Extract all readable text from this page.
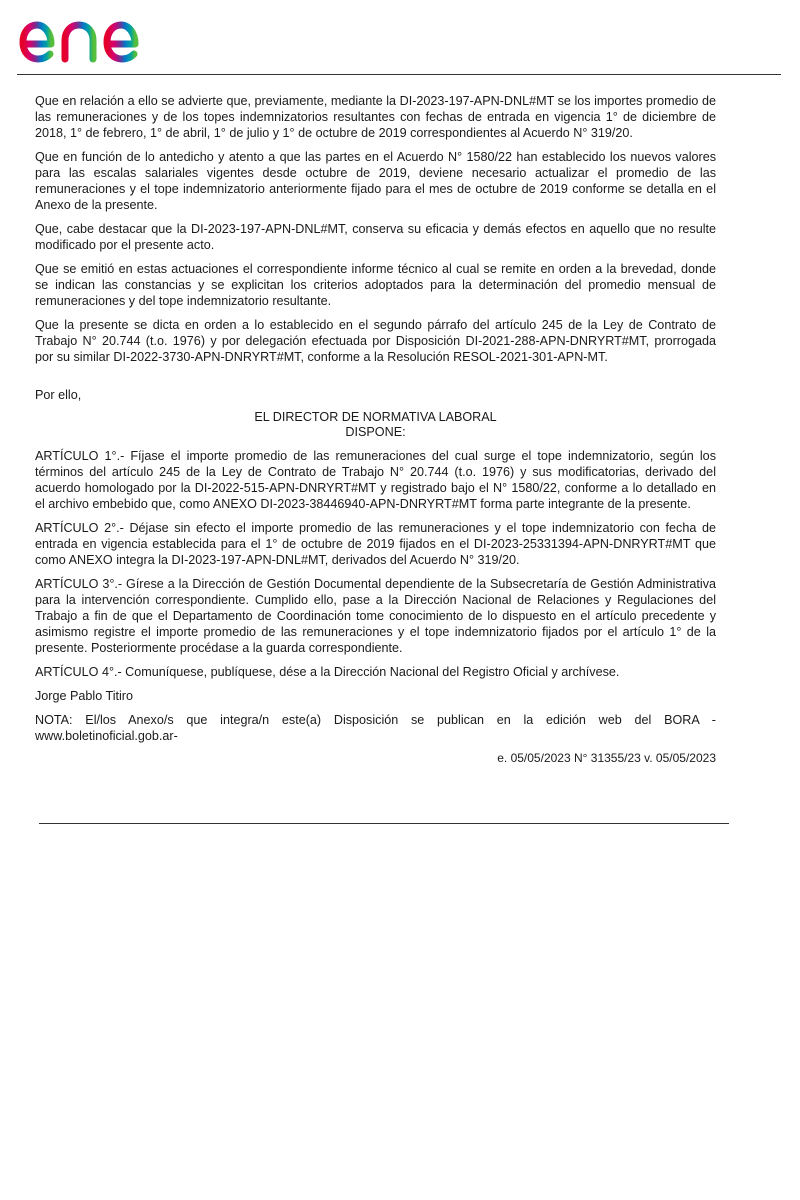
Que en relación a ello se advierte que, previamente, mediante la DI-2023-197-APN-DNL#MT se los importes promedio de las remuneraciones y de los topes indemnizatorios resultantes con fechas de entrada en vigencia 1° de diciembre de 2018, 1° de febrero, 1° de abril, 1° de julio y 1° de octubre de 2019 correspondientes al Acuerdo N° 319/20.

Que en función de lo antedicho y atento a que las partes en el Acuerdo N° 1580/22 han establecido los nuevos valores para las escalas salariales vigentes desde octubre de 2019, deviene necesario actualizar el promedio de las remuneraciones y el tope indemnizatorio anteriormente fijado para el mes de octubre de 2019 conforme se detalla en el Anexo de la presente.

Que, cabe destacar que la DI-2023-197-APN-DNL#MT, conserva su eficacia y demás efectos en aquello que no resulte modificado por el presente acto.

Que se emitió en estas actuaciones el correspondiente informe técnico al cual se remite en orden a la brevedad, donde se indican las constancias y se explicitan los criterios adoptados para la determinación del promedio mensual de remuneraciones y del tope indemnizatorio resultante.

Que la presente se dicta en orden a lo establecido en el segundo párrafo del artículo 245 de la Ley de Contrato de Trabajo N° 20.744 (t.o. 1976) y por delegación efectuada por Disposición DI-2021-288-APN-DNRYRT#MT, prorrogada por su similar DI-2022-3730-APN-DNRYRT#MT, conforme a la Resolución RESOL-2021-301-APN-MT.

Por ello,

EL DIRECTOR DE NORMATIVA LABORAL
DISPONE:

ARTÍCULO 1°.- Fíjase el importe promedio de las remuneraciones del cual surge el tope indemnizatorio, según los términos del artículo 245 de la Ley de Contrato de Trabajo N° 20.744 (t.o. 1976) y sus modificatorias, derivado del acuerdo homologado por la DI-2022-515-APN-DNRYRT#MT y registrado bajo el N° 1580/22, conforme a lo detallado en el archivo embebido que, como ANEXO DI-2023-38446940-APN-DNRYRT#MT forma parte integrante de la presente.

ARTÍCULO 2°.- Déjase sin efecto el importe promedio de las remuneraciones y el tope indemnizatorio con fecha de entrada en vigencia establecida para el 1° de octubre de 2019 fijados en el DI-2023-25331394-APN-DNRYRT#MT que como ANEXO integra la DI-2023-197-APN-DNL#MT, derivados del Acuerdo N° 319/20.

ARTÍCULO 3°.- Gírese a la Dirección de Gestión Documental dependiente de la Subsecretaría de Gestión Administrativa para la intervención correspondiente. Cumplido ello, pase a la Dirección Nacional de Relaciones y Regulaciones del Trabajo a fin de que el Departamento de Coordinación tome conocimiento de lo dispuesto en el artículo precedente y asimismo registre el importe promedio de las remuneraciones y el tope indemnizatorio fijados por el artículo 1° de la presente. Posteriormente procédase a la guarda correspondiente.

ARTÍCULO 4°.- Comuníquese, publíquese, dése a la Dirección Nacional del Registro Oficial y archívese.

Jorge Pablo Titiro

NOTA: El/los Anexo/s que integra/n este(a) Disposición se publican en la edición web del BORA -www.boletinoficial.gob.ar-

e. 05/05/2023 N° 31355/23 v. 05/05/2023
